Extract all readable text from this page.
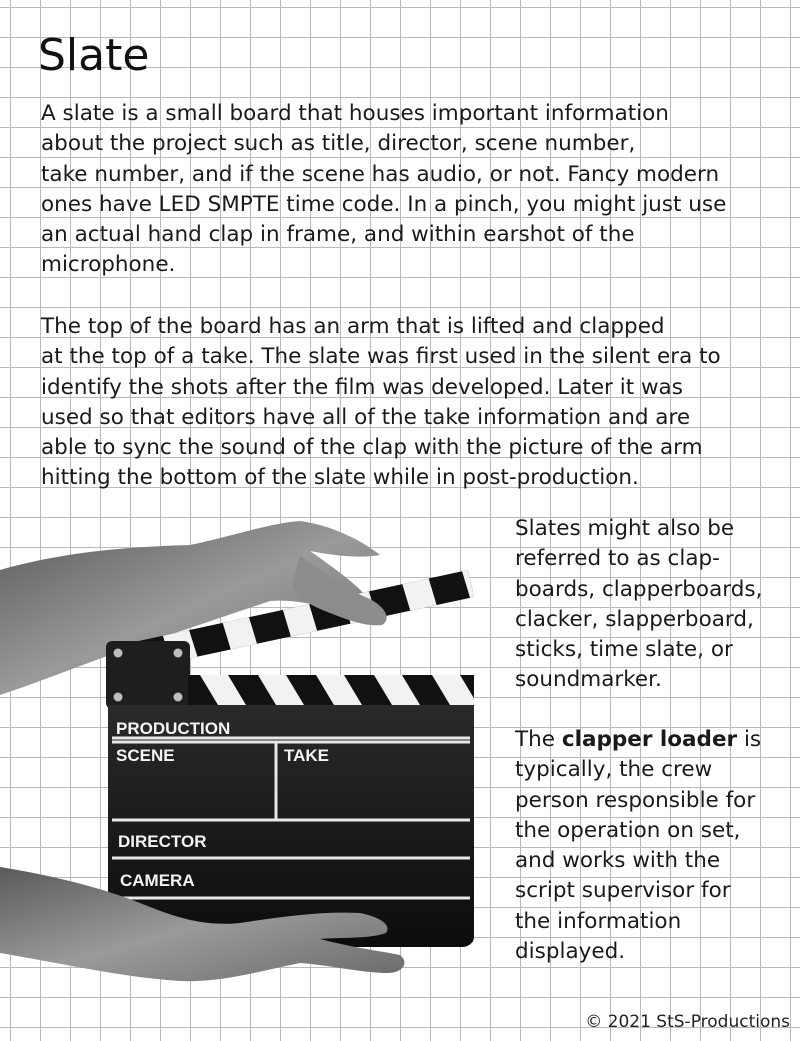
Slate
A slate is a small board that houses important information
about the project such as title, director, scene number,
take number, and if the scene has audio, or not. Fancy modern
ones have LED SMPTE time code. In a pinch, you might just use
an actual hand clap in frame, and within earshot of the
microphone.
The top of the board has an arm that is lifted and clapped
at the top of a take. The slate was first used in the silent era to
identify the shots after the film was developed. Later it was
used so that editors have all of the take information and are
able to sync the sound of the clap with the picture of the arm
hitting the bottom of the slate while in post-production.
PRODUCTION
SCENE	TAKE
DIRECTOR
CAMERA
Slates might also be
referred to as clap-
boards, clapperboards,
clacker, slapperboard,
sticks, time slate, or
soundmarker.
The clapper loader is
typically, the crew
person responsible for
the operation on set,
and works with the
script supervisor for
the information
displayed.
© 2021 StS-Productions
